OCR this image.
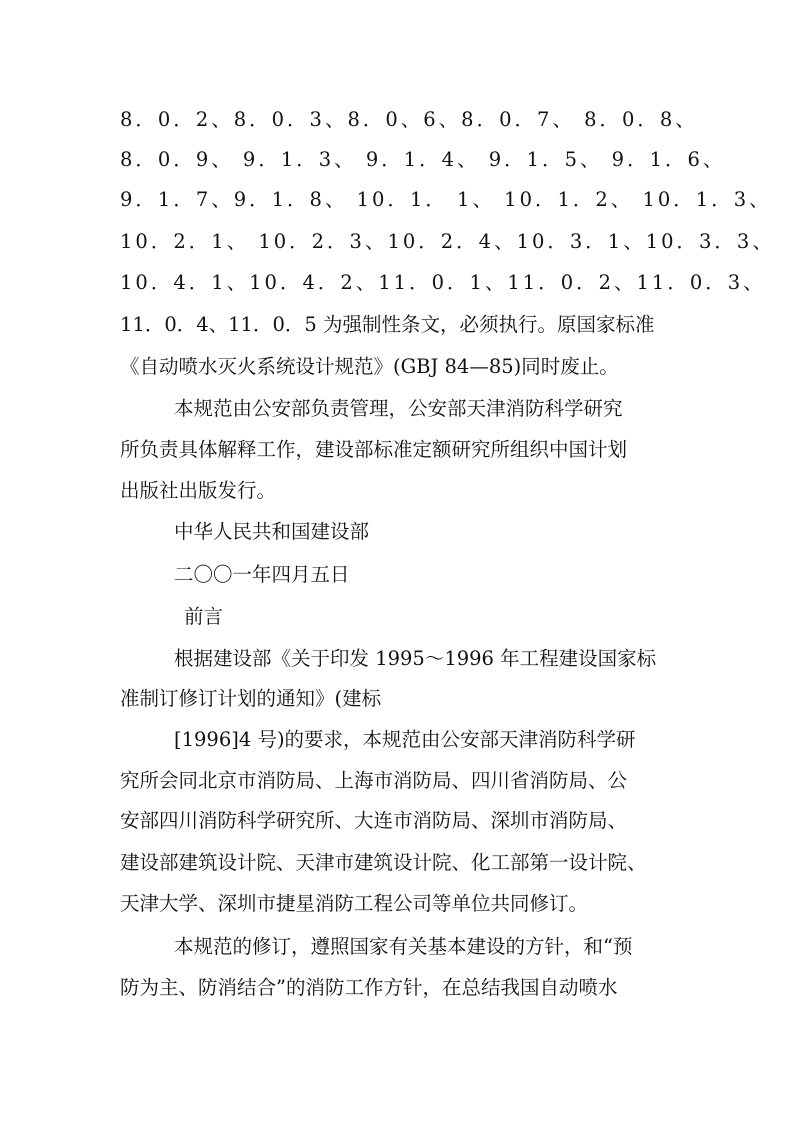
8．0．2、8．0．3、8．0、6、8．0．7、 8．0．8、
8．0．9、 9．1．3、 9．1．4、 9．1．5、 9．1．6、
9．1．7、9．1．8、 10．1． 1、 10．1．2、 10．1．3、
10．2．1、 10．2．3、10．2．4、10．3．1、10．3．3、
10．4．1、10．4．2、11．0．1、11．0．2、11．0．3、
11．0．4、11．0．5 为强制性条文，必须执行。原国家标准
《自动喷水灭火系统设计规范》(GBJ 84—85)同时废止。
本规范由公安部负责管理，公安部天津消防科学研究
所负责具体解释工作，建设部标准定额研究所组织中国计划
出版社出版发行。
中华人民共和国建设部
二〇〇一年四月五日
前言
根据建设部《关于印发 1995～1996 年工程建设国家标
准制订修订计划的通知》(建标
[1996]4 号)的要求，本规范由公安部天津消防科学研
究所会同北京市消防局、上海市消防局、四川省消防局、公
安部四川消防科学研究所、大连市消防局、深圳市消防局、
建设部建筑设计院、天津市建筑设计院、化工部第一设计院、
天津大学、深圳市捷星消防工程公司等单位共同修订。
本规范的修订，遵照国家有关基本建设的方针，和“预
防为主、防消结合”的消防工作方针，在总结我国自动喷水
